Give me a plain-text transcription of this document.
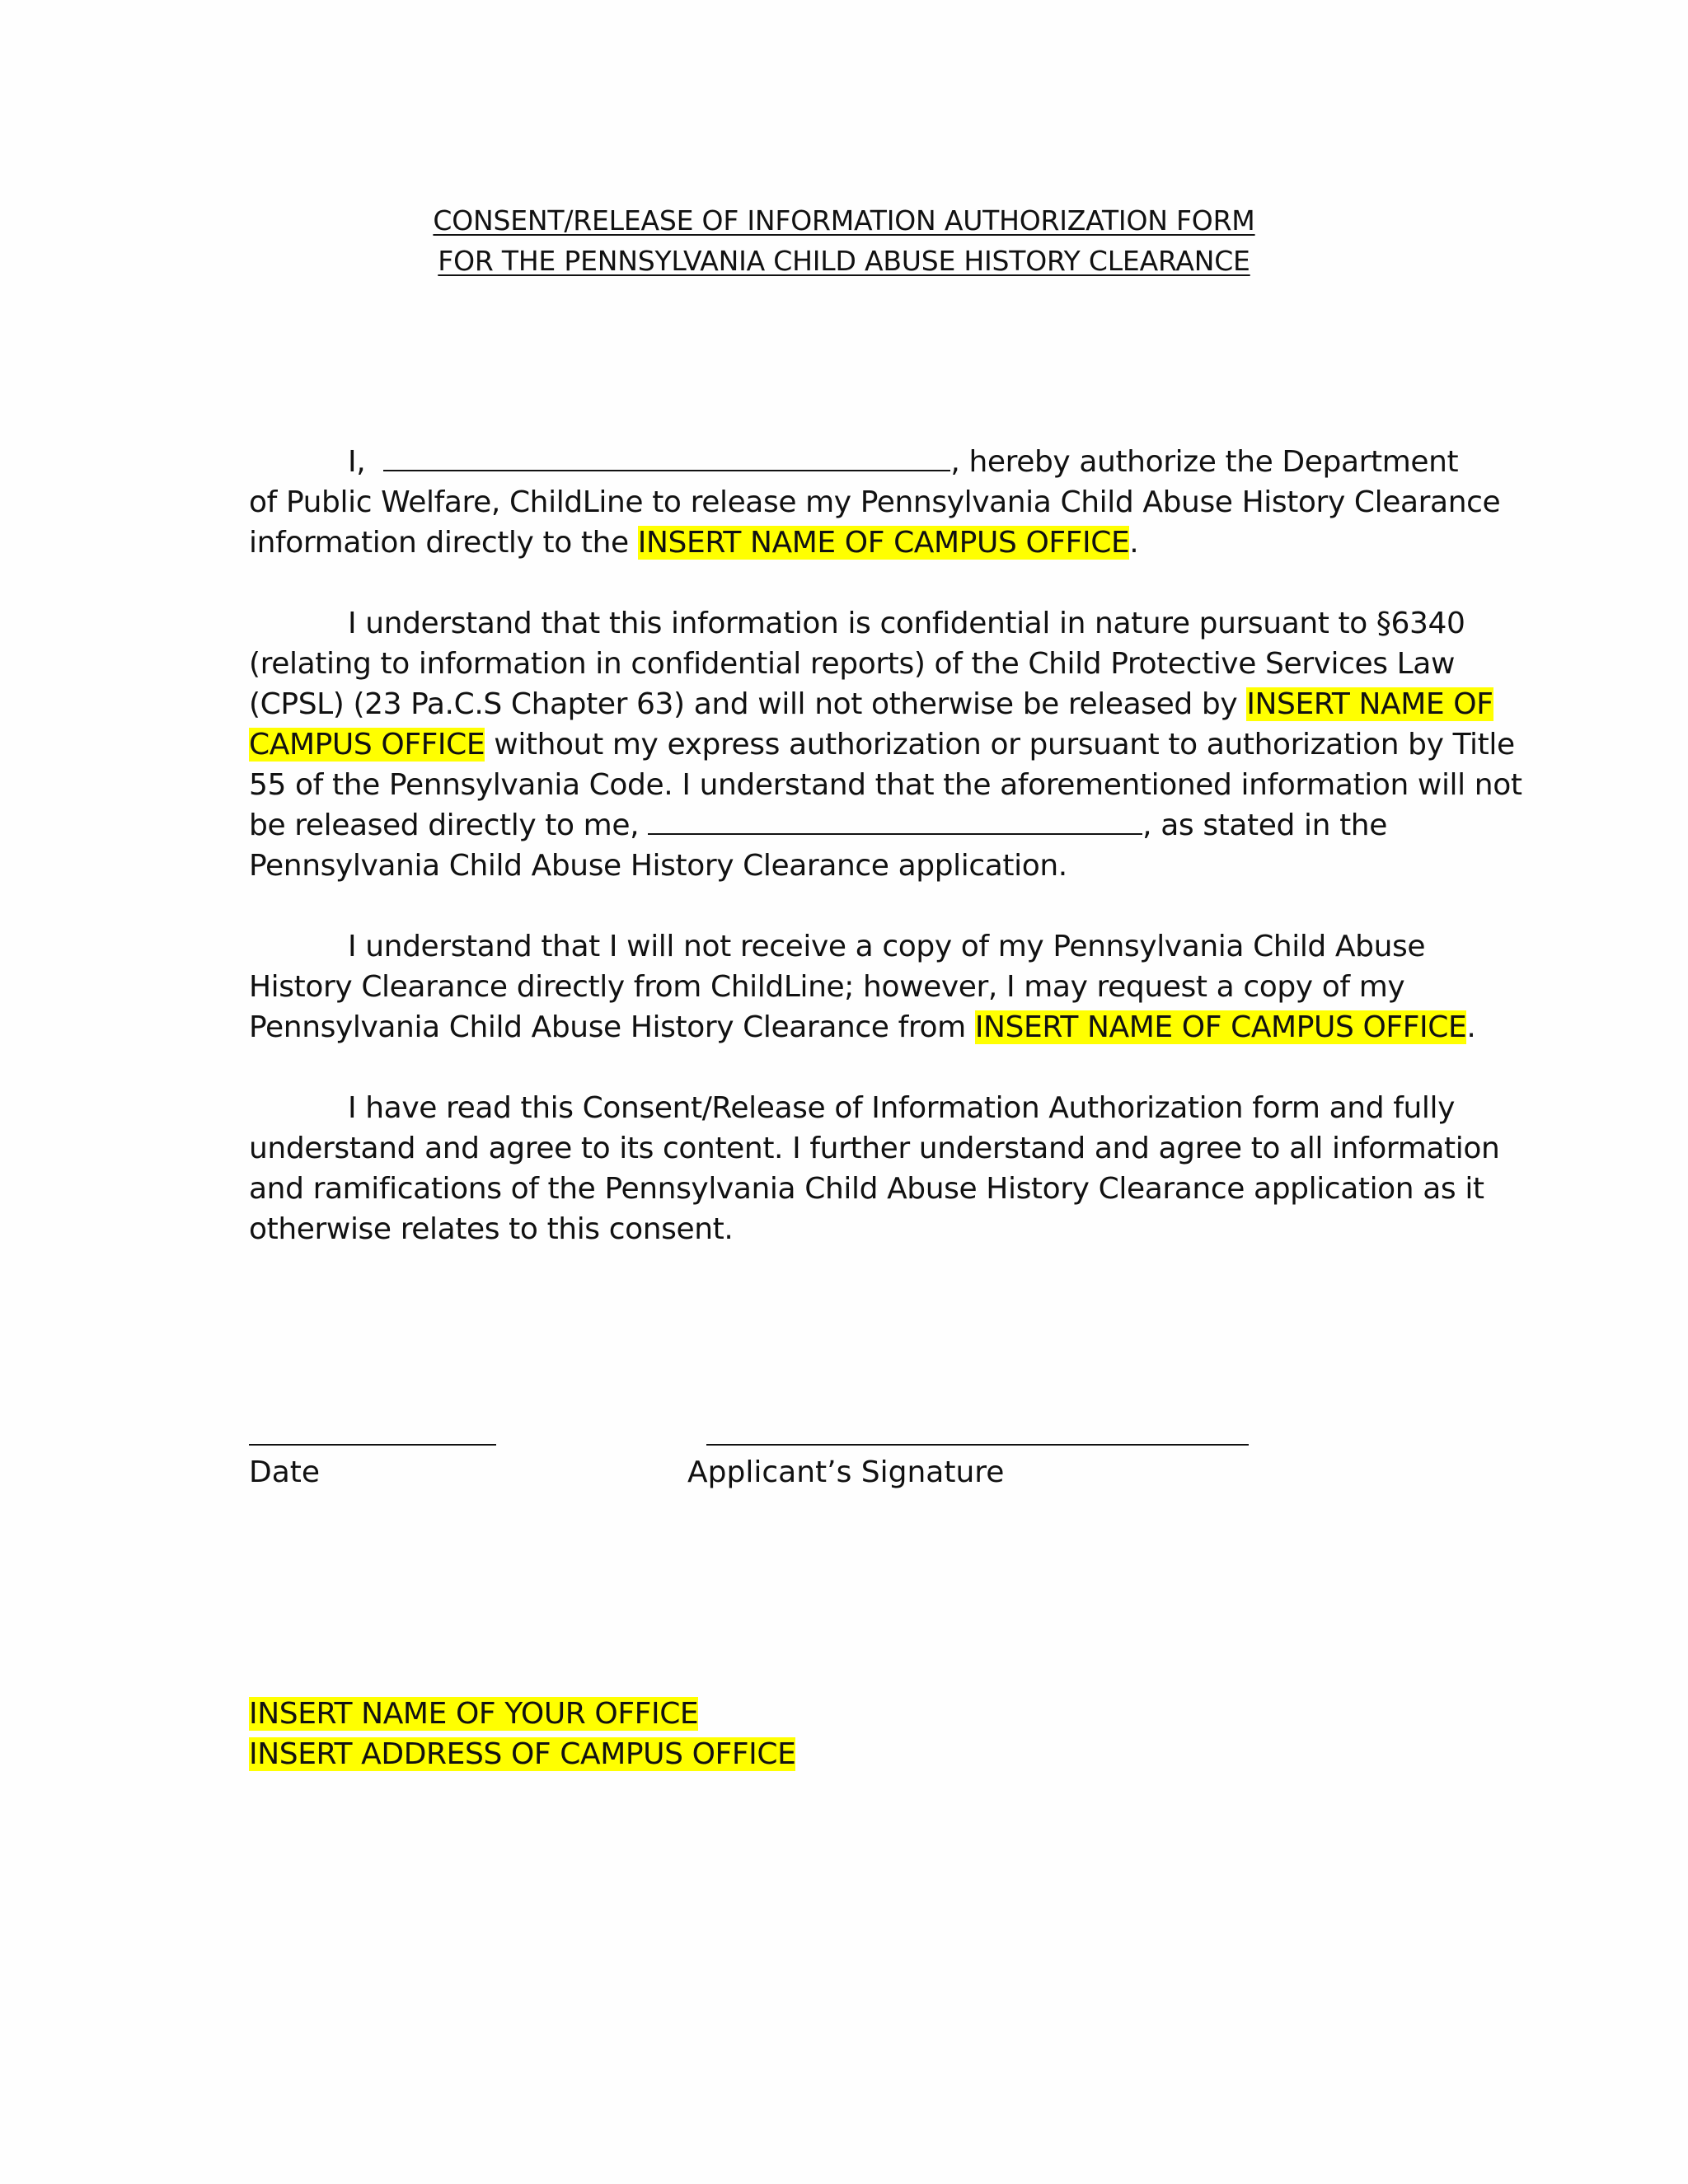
CONSENT/RELEASE OF INFORMATION AUTHORIZATION FORM
FOR THE PENNSYLVANIA CHILD ABUSE HISTORY CLEARANCE
I,	, hereby authorize the Department
of Public Welfare, ChildLine to release my Pennsylvania Child Abuse History Clearance
information directly to the INSERT NAME OF CAMPUS OFFICE.
I understand that this information is confidential in nature pursuant to §6340
(relating to information in confidential reports) of the Child Protective Services Law
(CPSL) (23 Pa.C.S Chapter 63) and will not otherwise be released by INSERT NAME OF
CAMPUS OFFICE without my express authorization or pursuant to authorization by Title
55 of the Pennsylvania Code. I understand that the aforementioned information will not
be released directly to me,	, as stated in the
Pennsylvania Child Abuse History Clearance application.
I understand that I will not receive a copy of my Pennsylvania Child Abuse
History Clearance directly from ChildLine; however, I may request a copy of my
Pennsylvania Child Abuse History Clearance from INSERT NAME OF CAMPUS OFFICE.
I have read this Consent/Release of Information Authorization form and fully
understand and agree to its content. I further understand and agree to all information
and ramifications of the Pennsylvania Child Abuse History Clearance application as it
otherwise relates to this consent.
Date	Applicant’s Signature
INSERT NAME OF YOUR OFFICE
INSERT ADDRESS OF CAMPUS OFFICE
